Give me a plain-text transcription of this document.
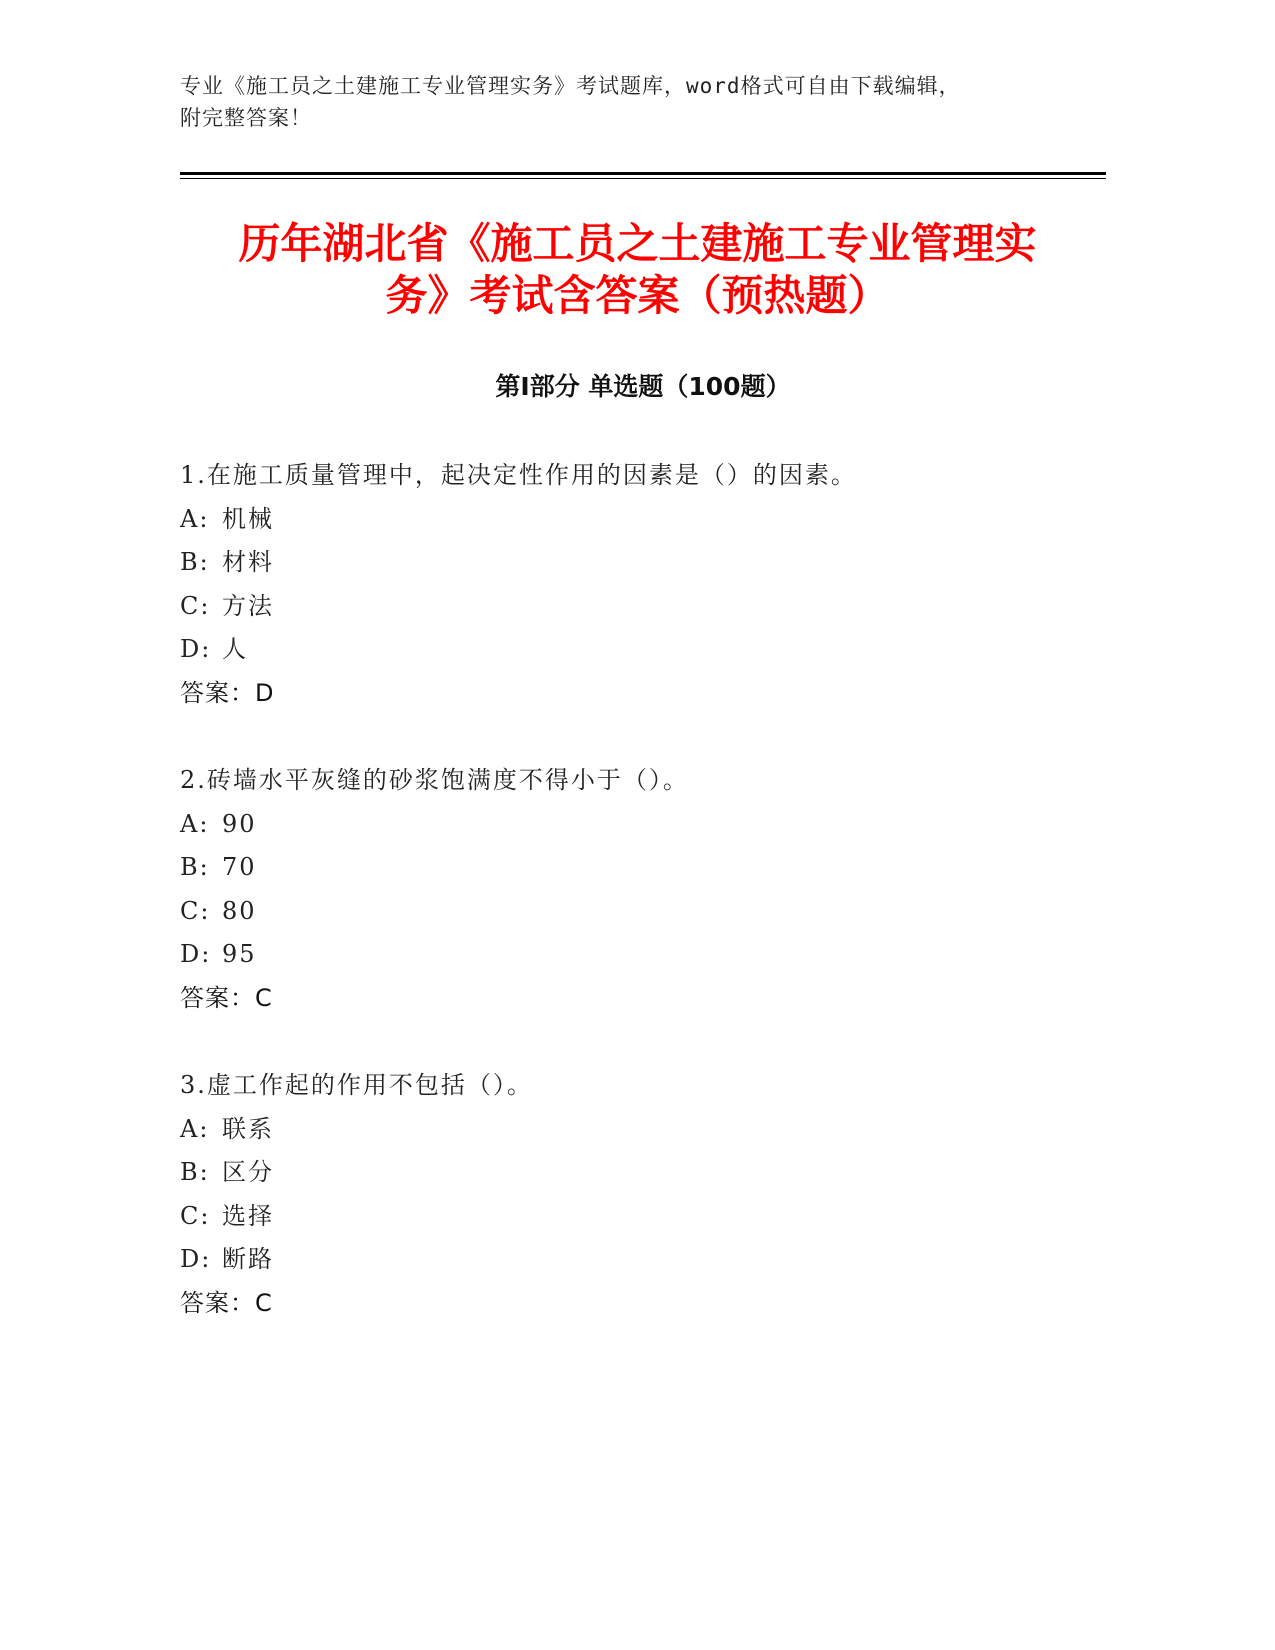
专业《施工员之土建施工专业管理实务》考试题库，word格式可自由下载编辑，
附完整答案！
历年湖北省《施工员之土建施工专业管理实
务》考试含答案（预热题）
第Ⅰ部分 单选题（100题）
1.在施工质量管理中，起决定性作用的因素是（）的因素。
A: 机械
B: 材料
C: 方法
D: 人
答案：D
2.砖墙水平灰缝的砂浆饱满度不得小于（）。
A: 90
B: 70
C: 80
D: 95
答案：C
3.虚工作起的作用不包括（）。
A: 联系
B: 区分
C: 选择
D: 断路
答案：C
